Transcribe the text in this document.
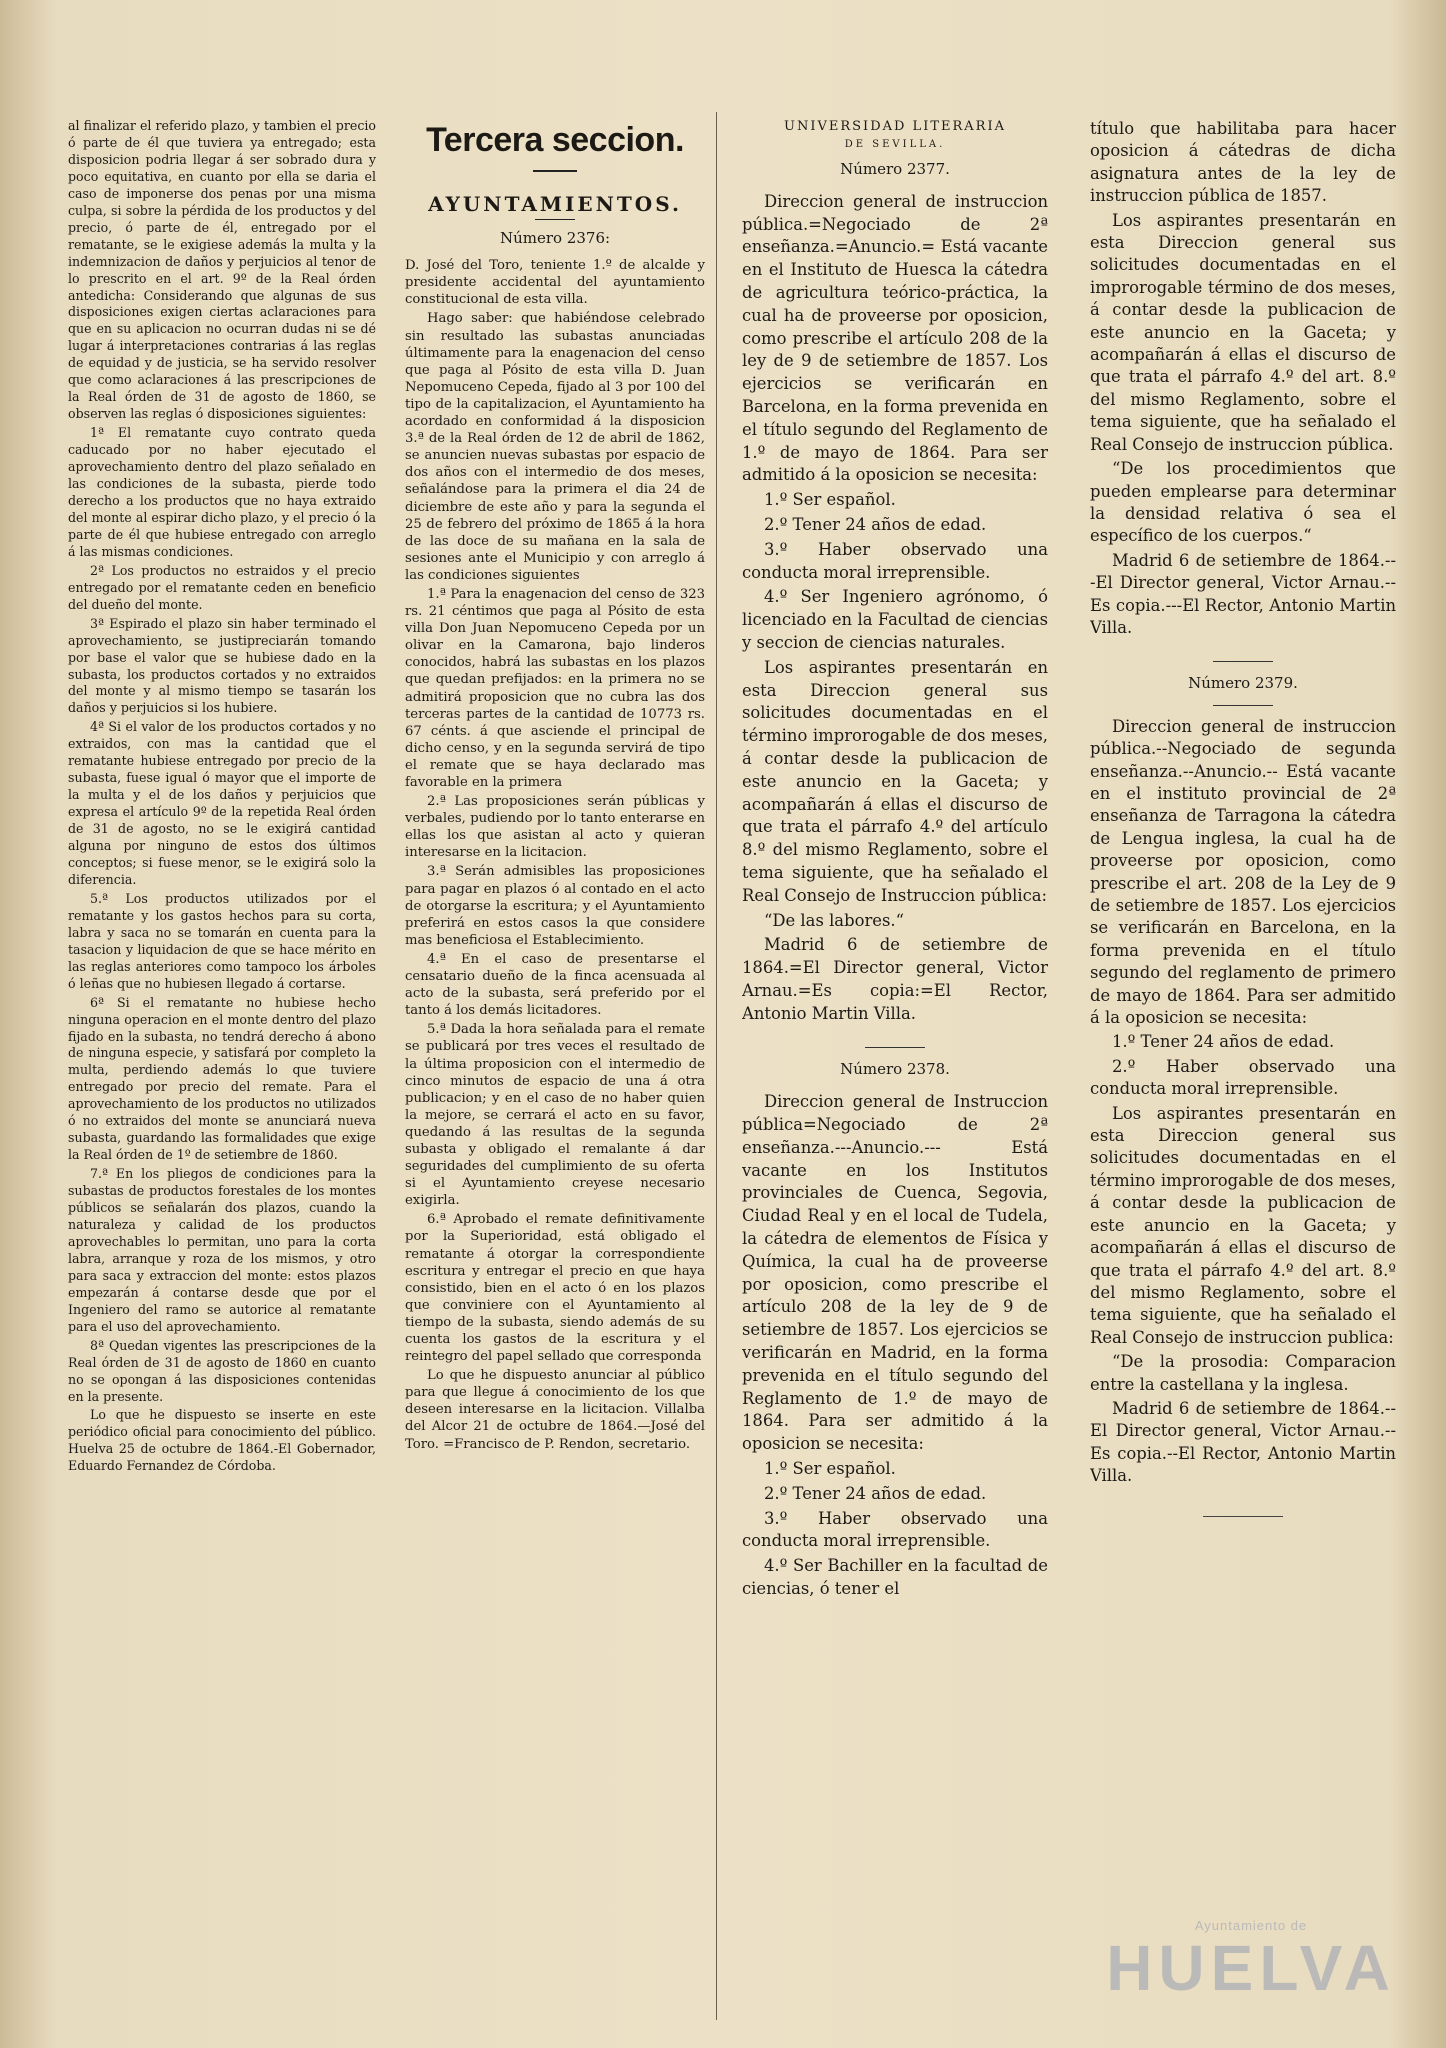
al finalizar el referido plazo, y tambien el precio ó parte de él que tuviera ya entregado; esta disposicion podria llegar á ser sobrado dura y poco equitativa, en cuanto por ella se daria el caso de imponerse dos penas por una misma culpa, si sobre la pérdida de los productos y del precio, ó parte de él, entregado por el rematante, se le exigiese además la multa y la indemnizacion de daños y perjuicios al tenor de lo prescrito en el art. 9º de la Real órden antedicha: Considerando que algunas de sus disposiciones exigen ciertas aclaraciones para que en su aplicacion no ocurran dudas ni se dé lugar á interpretaciones contrarias á las reglas de equidad y de justicia, se ha servido resolver que como aclaraciones á las prescripciones de la Real órden de 31 de agosto de 1860, se observen las reglas ó disposiciones siguientes:

1ª El rematante cuyo contrato queda caducado por no haber ejecutado el aprovechamiento dentro del plazo señalado en las condiciones de la subasta, pierde todo derecho a los productos que no haya extraido del monte al espirar dicho plazo, y el precio ó la parte de él que hubiese entregado con arreglo á las mismas condiciones.

2ª Los productos no estraidos y el precio entregado por el rematante ceden en beneficio del dueño del monte.

3ª Espirado el plazo sin haber terminado el aprovechamiento, se justipreciarán tomando por base el valor que se hubiese dado en la subasta, los productos cortados y no extraidos del monte y al mismo tiempo se tasarán los daños y perjuicios si los hubiere.

4ª Si el valor de los productos cortados y no extraidos, con mas la cantidad que el rematante hubiese entregado por precio de la subasta, fuese igual ó mayor que el importe de la multa y el de los daños y perjuicios que expresa el artículo 9º de la repetida Real órden de 31 de agosto, no se le exigirá cantidad alguna por ninguno de estos dos últimos conceptos; si fuese menor, se le exigirá solo la diferencia.

5.ª Los productos utilizados por el rematante y los gastos hechos para su corta, labra y saca no se tomarán en cuenta para la tasacion y liquidacion de que se hace mérito en las reglas anteriores como tampoco los árboles ó leñas que no hubiesen llegado á cortarse.

6ª Si el rematante no hubiese hecho ninguna operacion en el monte dentro del plazo fijado en la subasta, no tendrá derecho á abono de ninguna especie, y satisfará por completo la multa, perdiendo además lo que tuviere entregado por precio del remate. Para el aprovechamiento de los productos no utilizados ó no extraidos del monte se anunciará nueva subasta, guardando las formalidades que exige la Real órden de 1º de setiembre de 1860.

7.ª En los pliegos de condiciones para la subastas de productos forestales de los montes públicos se señalarán dos plazos, cuando la naturaleza y calidad de los productos aprovechables lo permitan, uno para la corta labra, arranque y roza de los mismos, y otro para saca y extraccion del monte: estos plazos empezarán á contarse desde que por el Ingeniero del ramo se autorice al rematante para el uso del aprovechamiento.

8ª Quedan vigentes las prescripciones de la Real órden de 31 de agosto de 1860 en cuanto no se opongan á las disposiciones contenidas en la presente.

Lo que he dispuesto se inserte en este periódico oficial para conocimiento del público. Huelva 25 de octubre de 1864.-El Gobernador, Eduardo Fernandez de Córdoba.

Tercera seccion.

AYUNTAMIENTOS.

Número 2376:

D. José del Toro, teniente 1.º de alcalde y presidente accidental del ayuntamiento constitucional de esta villa.

Hago saber: que habiéndose celebrado sin resultado las subastas anunciadas últimamente para la enagenacion del censo que paga al Pósito de esta villa D. Juan Nepomuceno Cepeda, fijado al 3 por 100 del tipo de la capitalizacion, el Ayuntamiento ha acordado en conformidad á la disposicion 3.ª de la Real órden de 12 de abril de 1862, se anuncien nuevas subastas por espacio de dos años con el intermedio de dos meses, señalándose para la primera el dia 24 de diciembre de este año y para la segunda el 25 de febrero del próximo de 1865 á la hora de las doce de su mañana en la sala de sesiones ante el Municipio y con arreglo á las condiciones siguientes

1.ª Para la enagenacion del censo de 323 rs. 21 céntimos que paga al Pósito de esta villa Don Juan Nepomuceno Cepeda por un olivar en la Camarona, bajo linderos conocidos, habrá las subastas en los plazos que quedan prefijados: en la primera no se admitirá proposicion que no cubra las dos terceras partes de la cantidad de 10773 rs. 67 cénts. á que asciende el principal de dicho censo, y en la segunda servirá de tipo el remate que se haya declarado mas favorable en la primera

2.ª Las proposiciones serán públicas y verbales, pudiendo por lo tanto enterarse en ellas los que asistan al acto y quieran interesarse en la licitacion.

3.ª Serán admisibles las proposiciones para pagar en plazos ó al contado en el acto de otorgarse la escritura; y el Ayuntamiento preferirá en estos casos la que considere mas beneficiosa el Establecimiento.

4.ª En el caso de presentarse el censatario dueño de la finca acensuada al acto de la subasta, será preferido por el tanto á los demás licitadores.

5.ª Dada la hora señalada para el remate se publicará por tres veces el resultado de la última proposicion con el intermedio de cinco minutos de espacio de una á otra publicacion; y en el caso de no haber quien la mejore, se cerrará el acto en su favor, quedando á las resultas de la segunda subasta y obligado el remalante á dar seguridades del cumplimiento de su oferta si el Ayuntamiento creyese necesario exigirla.

6.ª Aprobado el remate definitivamente por la Superioridad, está obligado el rematante á otorgar la correspondiente escritura y entregar el precio en que haya consistido, bien en el acto ó en los plazos que conviniere con el Ayuntamiento al tiempo de la subasta, siendo además de su cuenta los gastos de la escritura y el reintegro del papel sellado que corresponda

Lo que he dispuesto anunciar al público para que llegue á conocimiento de los que deseen interesarse en la licitacion. Villalba del Alcor 21 de octubre de 1864.—José del Toro. =Francisco de P. Rendon, secretario.

UNIVERSIDAD LITERARIA

DE SEVILLA.

Número 2377.

Direccion general de instruccion pública.=Negociado de 2ª enseñanza.=Anuncio.= Está vacante en el Instituto de Huesca la cátedra de agricultura teórico-práctica, la cual ha de proveerse por oposicion, como prescribe el artículo 208 de la ley de 9 de setiembre de 1857. Los ejercicios se verificarán en Barcelona, en la forma prevenida en el título segundo del Reglamento de 1.º de mayo de 1864. Para ser admitido á la oposicion se necesita:

1.º Ser español.

2.º Tener 24 años de edad.

3.º Haber observado una conducta moral irreprensible.

4.º Ser Ingeniero agrónomo, ó licenciado en la Facultad de ciencias y seccion de ciencias naturales.

Los aspirantes presentarán en esta Direccion general sus solicitudes documentadas en el término improrogable de dos meses, á contar desde la publicacion de este anuncio en la Gaceta; y acompañarán á ellas el discurso de que trata el párrafo 4.º del artículo 8.º del mismo Reglamento, sobre el tema siguiente, que ha señalado el Real Consejo de Instruccion pública:

“De las labores.“

Madrid 6 de setiembre de 1864.=El Director general, Victor Arnau.=Es copia:=El Rector, Antonio Martin Villa.

Número 2378.

Direccion general de Instruccion pública=Negociado de 2ª enseñanza.---Anuncio.--- Está vacante en los Institutos provinciales de Cuenca, Segovia, Ciudad Real y en el local de Tudela, la cátedra de elementos de Física y Química, la cual ha de proveerse por oposicion, como prescribe el artículo 208 de la ley de 9 de setiembre de 1857. Los ejercicios se verificarán en Madrid, en la forma prevenida en el título segundo del Reglamento de 1.º de mayo de 1864. Para ser admitido á la oposicion se necesita:

1.º Ser español.

2.º Tener 24 años de edad.

3.º Haber observado una conducta moral irreprensible.

4.º Ser Bachiller en la facultad de ciencias, ó tener el

título que habilitaba para hacer oposicion á cátedras de dicha asignatura antes de la ley de instruccion pública de 1857.

Los aspirantes presentarán en esta Direccion general sus solicitudes documentadas en el improrogable término de dos meses, á contar desde la publicacion de este anuncio en la Gaceta; y acompañarán á ellas el discurso de que trata el párrafo 4.º del art. 8.º del mismo Reglamento, sobre el tema siguiente, que ha señalado el Real Consejo de instruccion pública.

“De los procedimientos que pueden emplearse para determinar la densidad relativa ó sea el específico de los cuerpos.“

Madrid 6 de setiembre de 1864.---El Director general, Victor Arnau.--Es copia.---El Rector, Antonio Martin Villa.

Número 2379.

Direccion general de instruccion pública.--Negociado de segunda enseñanza.--Anuncio.-- Está vacante en el instituto provincial de 2ª enseñanza de Tarragona la cátedra de Lengua inglesa, la cual ha de proveerse por oposicion, como prescribe el art. 208 de la Ley de 9 de setiembre de 1857. Los ejercicios se verificarán en Barcelona, en la forma prevenida en el título segundo del reglamento de primero de mayo de 1864. Para ser admitido á la oposicion se necesita:

1.º Tener 24 años de edad.

2.º Haber observado una conducta moral irreprensible.

Los aspirantes presentarán en esta Direccion general sus solicitudes documentadas en el término improrogable de dos meses, á contar desde la publicacion de este anuncio en la Gaceta; y acompañarán á ellas el discurso de que trata el párrafo 4.º del art. 8.º del mismo Reglamento, sobre el tema siguiente, que ha señalado el Real Consejo de instruccion publica:

“De la prosodia: Comparacion entre la castellana y la inglesa.

Madrid 6 de setiembre de 1864.--El Director general, Victor Arnau.--Es copia.--El Rector, Antonio Martin Villa.

Ayuntamiento de
HUELVA
